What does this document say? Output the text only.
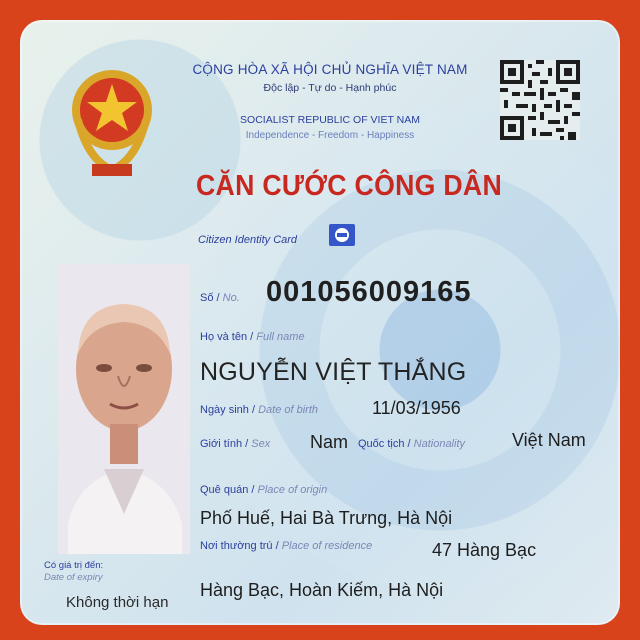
CỘNG HÒA XÃ HỘI CHỦ NGHĨA VIỆT NAM
Độc lập - Tự do - Hạnh phúc
SOCIALIST REPUBLIC OF VIET NAM
Independence - Freedom - Happiness
CĂN CƯỚC CÔNG DÂN
Citizen Identity Card
Số / No. 001056009165
Họ và tên / Full name
NGUYỄN VIỆT THẮNG
Ngày sinh / Date of birth	11/03/1956
Giới tính / Sex Nam Quốc tịch / Nationality	Việt Nam
Quê quán / Place of origin
Phố Huế, Hai Bà Trưng, Hà Nội
Nơi thường trú / Place of residence	47 Hàng Bạc
Hàng Bạc, Hoàn Kiếm, Hà Nội
Có giá trị đến:
Date of expiry
Không thời hạn
